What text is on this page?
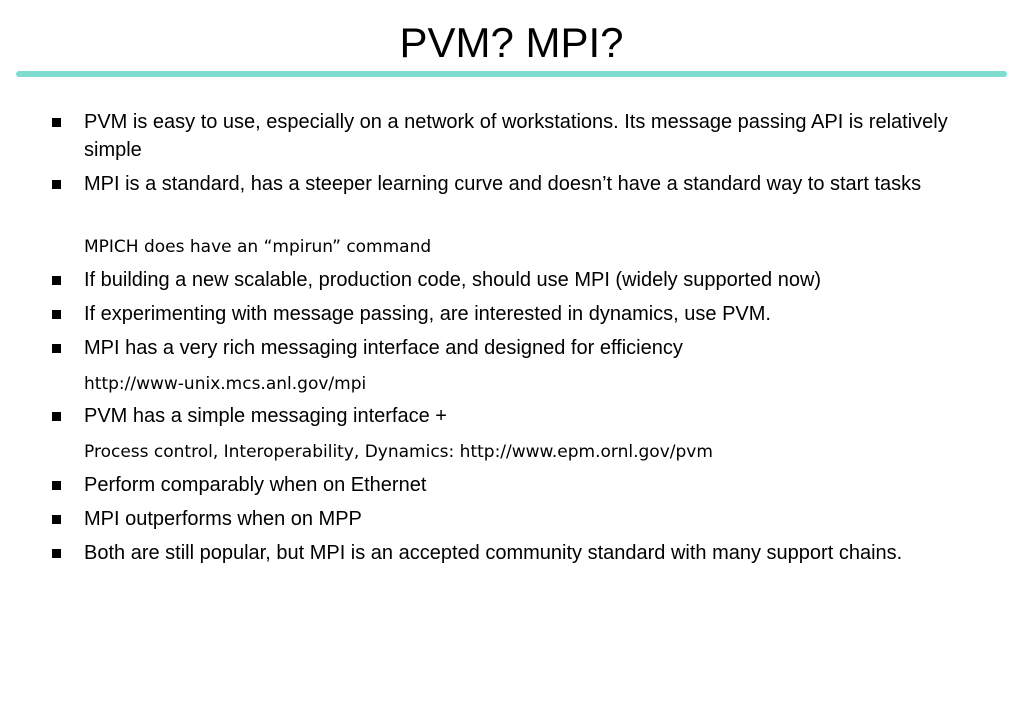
PVM? MPI?
PVM is easy to use, especially on a network of workstations. Its message passing API is relatively simple
MPI is a standard, has a steeper learning curve and doesn’t have a standard way to start tasks
MPICH does have an “mpirun” command
If building a new scalable, production code, should use MPI (widely supported now)
If experimenting with message passing, are interested in dynamics, use PVM.
MPI has a very rich messaging interface and designed for efficiency
http://www-unix.mcs.anl.gov/mpi
PVM has a simple messaging interface +
Process control, Interoperability, Dynamics: http://www.epm.ornl.gov/pvm
Perform comparably when on Ethernet
MPI outperforms when on MPP
Both are still popular, but MPI is an accepted community standard with many support chains.
